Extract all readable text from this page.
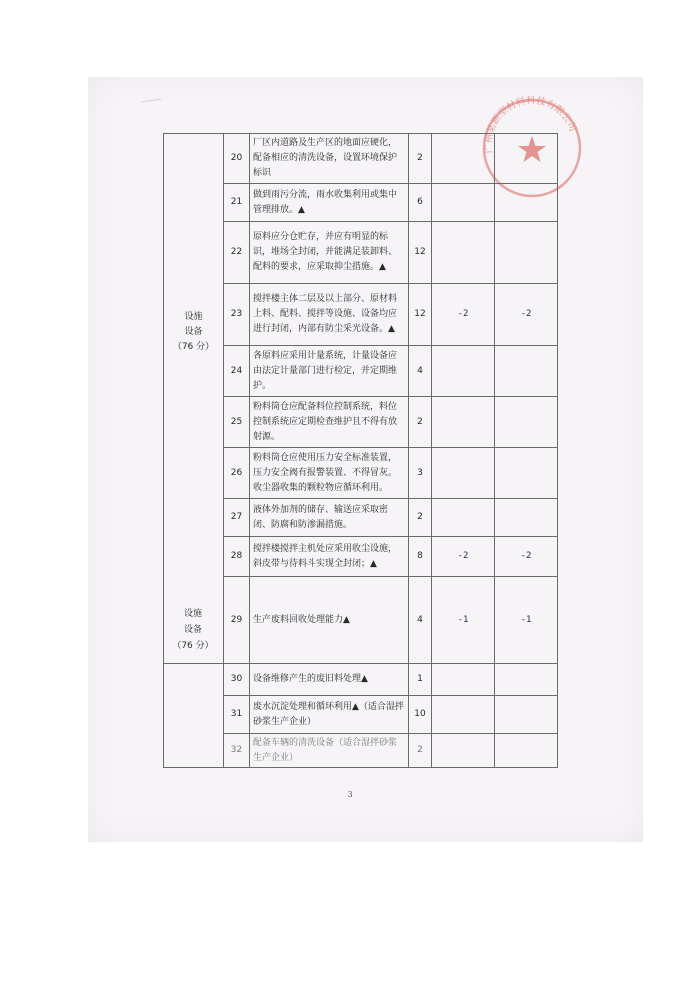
广州某新型材料科技有限公司
设施
设备
（76 分）	20	厂区内道路及生产区的地面应硬化，配备相应的清洗设备，设置环境保护标识	2		
	21	做到雨污分流，雨水收集利用或集中管理排放。▲	6		
	22	原料应分仓贮存，并应有明显的标识，堆场全封闭，并能满足装卸料、配料的要求，应采取抑尘措施。▲	12		
	23	搅拌楼主体二层及以上部分、原材料上料、配料、搅拌等设施、设备均应进行封闭，内部有防尘采光设备。▲	12	-2	-2
	24	各原料应采用计量系统，计量设备应由法定计量部门进行检定，并定期维护。	4		
	25	粉料筒仓应配备料位控制系统，料位控制系统应定期检查维护且不得有放射源。	2		
	26	粉料筒仓应使用压力安全标准装置，压力安全阀有报警装置、不得冒灰。收尘器收集的颗粒物应循环利用。	3		
	27	液体外加剂的储存、输送应采取密闭、防腐和防渗漏措施。	2		
	28	搅拌楼搅拌主机处应采用收尘设施，斜皮带与待料斗实现全封闭；▲	8	-2	-2
	29	生产废料回收处理能力▲	4	-1	-1
	30	设备维修产生的废旧料处理▲	1		
	31	废水沉淀处理和循环利用▲（适合湿拌砂浆生产企业）	10		
	32	配备车辆的清洗设备（适合湿拌砂浆生产企业）	2		
3
设施
设备
（76 分）
